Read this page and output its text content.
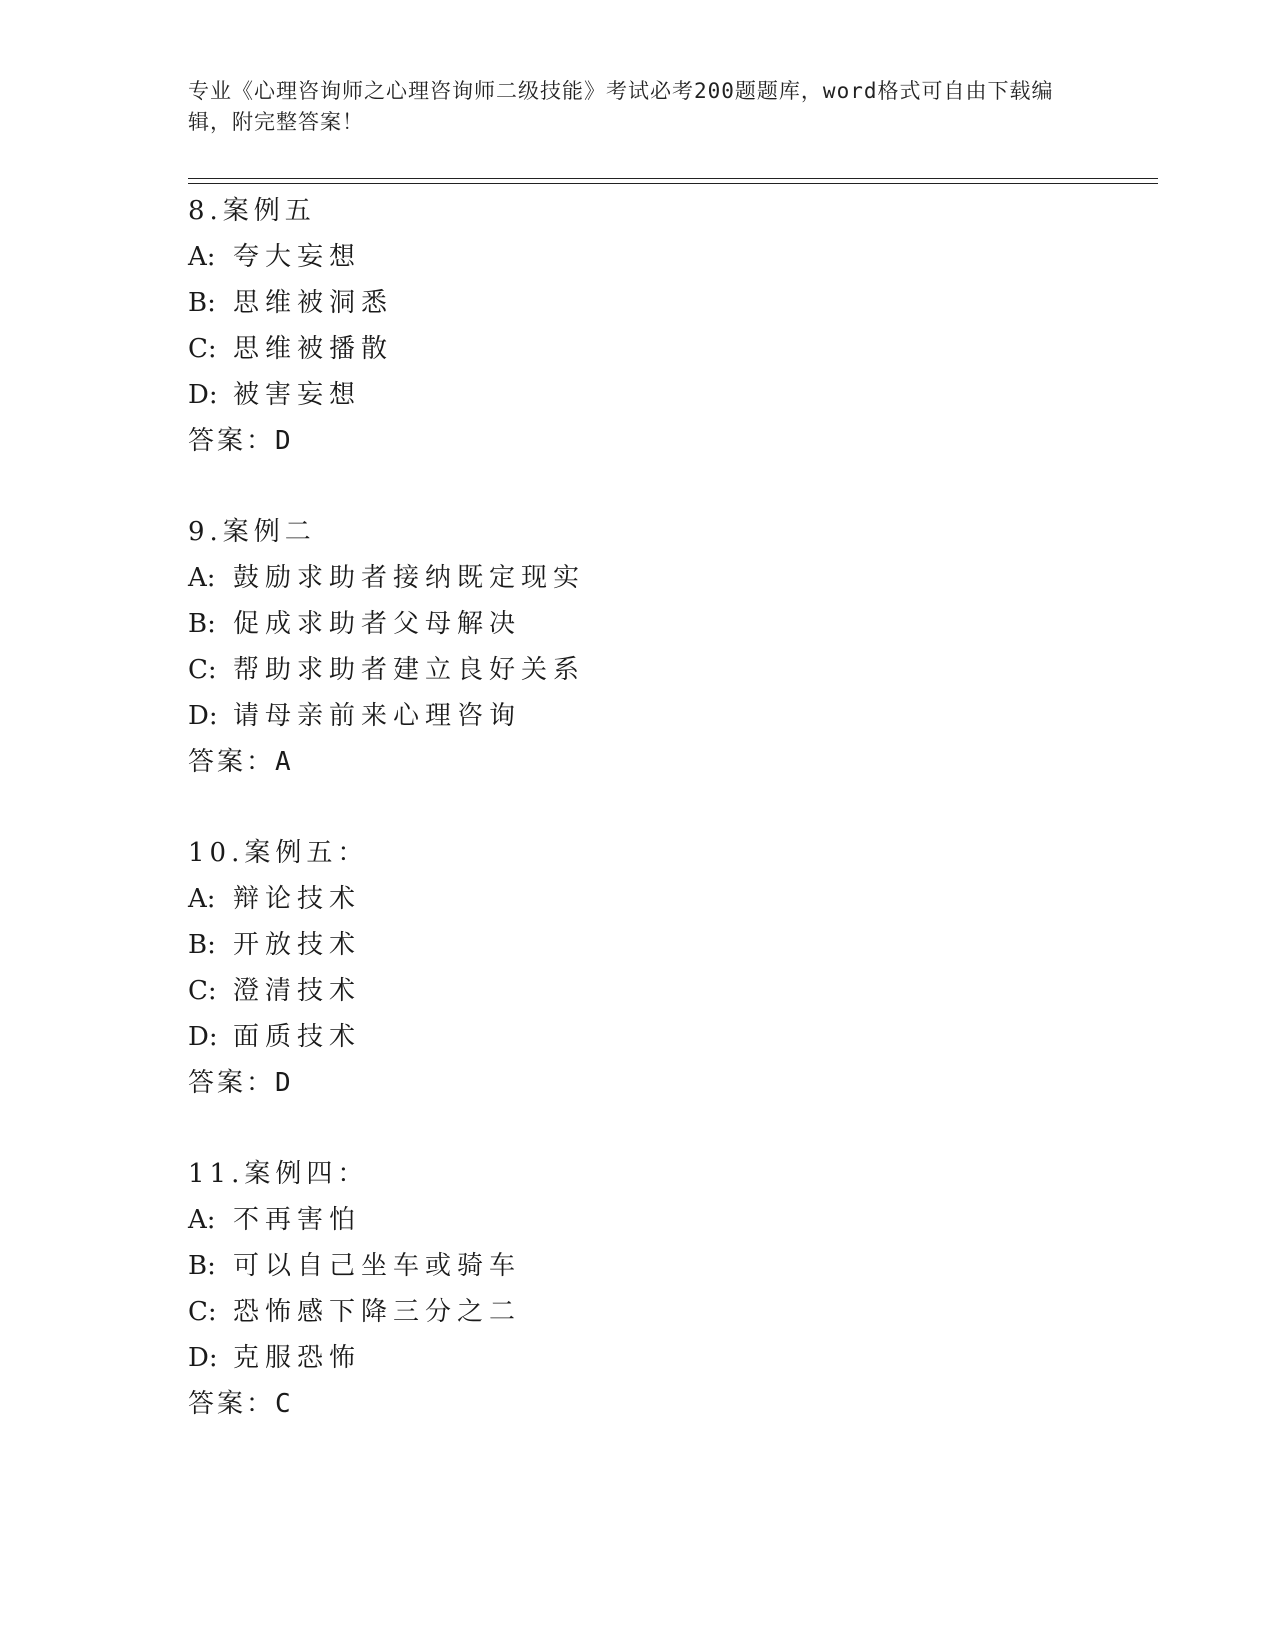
专业《心理咨询师之心理咨询师二级技能》考试必考200题题库，word格式可自由下载编辑，附完整答案！
8.案例五
A: 夸大妄想
B: 思维被洞悉
C: 思维被播散
D: 被害妄想
答案：D
9.案例二
A: 鼓励求助者接纳既定现实
B: 促成求助者父母解决
C: 帮助求助者建立良好关系
D: 请母亲前来心理咨询
答案：A
10.案例五：
A: 辩论技术
B: 开放技术
C: 澄清技术
D: 面质技术
答案：D
11.案例四：
A: 不再害怕
B: 可以自己坐车或骑车
C: 恐怖感下降三分之二
D: 克服恐怖
答案：C
